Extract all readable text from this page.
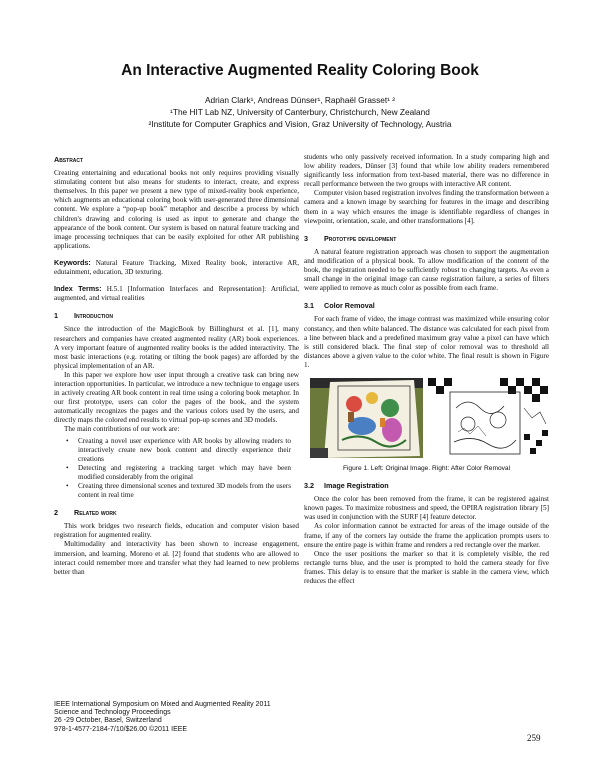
An Interactive Augmented Reality Coloring Book
Adrian Clark¹, Andreas Dünser¹, Raphaël Grasset¹ ²
¹The HIT Lab NZ, University of Canterbury, Christchurch, New Zealand
²Institute for Computer Graphics and Vision, Graz University of Technology, Austria
Abstract

Creating entertaining and educational books not only requires providing visually stimulating content but also means for students to interact, create, and express themselves. In this paper we present a new type of mixed-reality book experience, which augments an educational coloring book with user-generated three dimensional content. We explore a “pop-up book” metaphor and describe a process by which children's drawing and coloring is used as input to generate and change the appearance of the book content. Our system is based on natural feature tracking and image processing techniques that can be easily exploited for other AR publishing applications.

Keywords: Natural Feature Tracking, Mixed Reality book, interactive AR, edutainment, education, 3D texturing.

Index Terms: H.5.1 [Information Interfaces and Representation]: Artificial, augmented, and virtual realities

1 Introduction

Since the introduction of the MagicBook by Billinghurst et al. [1], many researchers and companies have created augmented reality (AR) book experiences. A very important feature of augmented reality books is the added interactivity. The most basic interactions (e.g. rotating or tilting the book pages) are afforded by the physical implementation of an AR.

In this paper we explore how user input through a creative task can bring new interaction opportunities. In particular, we introduce a new technique to engage users in actively creating AR book content in real time using a coloring book metaphor. In our first prototype, users can color the pages of the book, and the system automatically recognizes the pages and the various colors used by the users, and directly maps the colored end results to virtual pop-up scenes and 3D models.

The main contributions of our work are:

• Creating a novel user experience with AR books by allowing readers to interactively create new book content and directly experience their creations
• Detecting and registering a tracking target which may have been modified considerably from the original
• Creating three dimensional scenes and textured 3D models from the users content in real time
2 Related work

This work bridges two research fields, education and computer vision based registration for augmented reality.

Multimodality and interactivity has been shown to increase engagement, immersion, and learning. Moreno et al. [2] found that students who are allowed to interact could remember more and transfer what they had learned to new problems better than

students who only passively received information. In a study comparing high and low ability readers, Dünser [3] found that while low ability readers remembered significantly less information from text-based material, there was no difference in recall performance between the two groups with interactive AR content.

Computer vision based registration involves finding the transformation between a camera and a known image by searching for features in the image and describing them in a way which ensures the image is identifiable regardless of changes in viewpoint, orientation, scale, and other transformations [4].

3 Prototype development

A natural feature registration approach was chosen to support the augmentation and modification of a physical book. To allow modification of the content of the book, the registration needed to be sufficiently robust to changing targets. As even a small change in the original image can cause registration failure, a series of filters were applied to remove as much color as possible from each frame.

3.1 Color Removal

For each frame of video, the image contrast was maximized while ensuring color constancy, and then white balanced. The distance was calculated for each pixel from a line between black and a predefined maximum gray value a pixel can have which is still considered black. The final step of color removal was to threshold all distances above a given value to the color white. The final result is shown in Figure 1.

Figure 1. Left: Original Image. Right: After Color Removal
3.2 Image Registration

Once the color has been removed from the frame, it can be registered against known pages. To maximize robustness and speed, the OPIRA registration library [5] was used in conjunction with the SURF [4] feature detector.

As color information cannot be extracted for areas of the image outside of the frame, if any of the corners lay outside the frame the application prompts users to ensure the entire page is within frame and renders a red rectangle over the marker.

Once the user positions the marker so that it is completely visible, the red rectangle turns blue, and the user is prompted to hold the camera steady for five frames. This delay is to ensure that the marker is stable in the camera view, which reduces the effect

IEEE International Symposium on Mixed and Augmented Reality 2011
Science and Technology Proceedings
26 -29 October, Basel, Switzerland
978-1-4577-2184-7/10/$26.00 ©2011 IEEE
259
